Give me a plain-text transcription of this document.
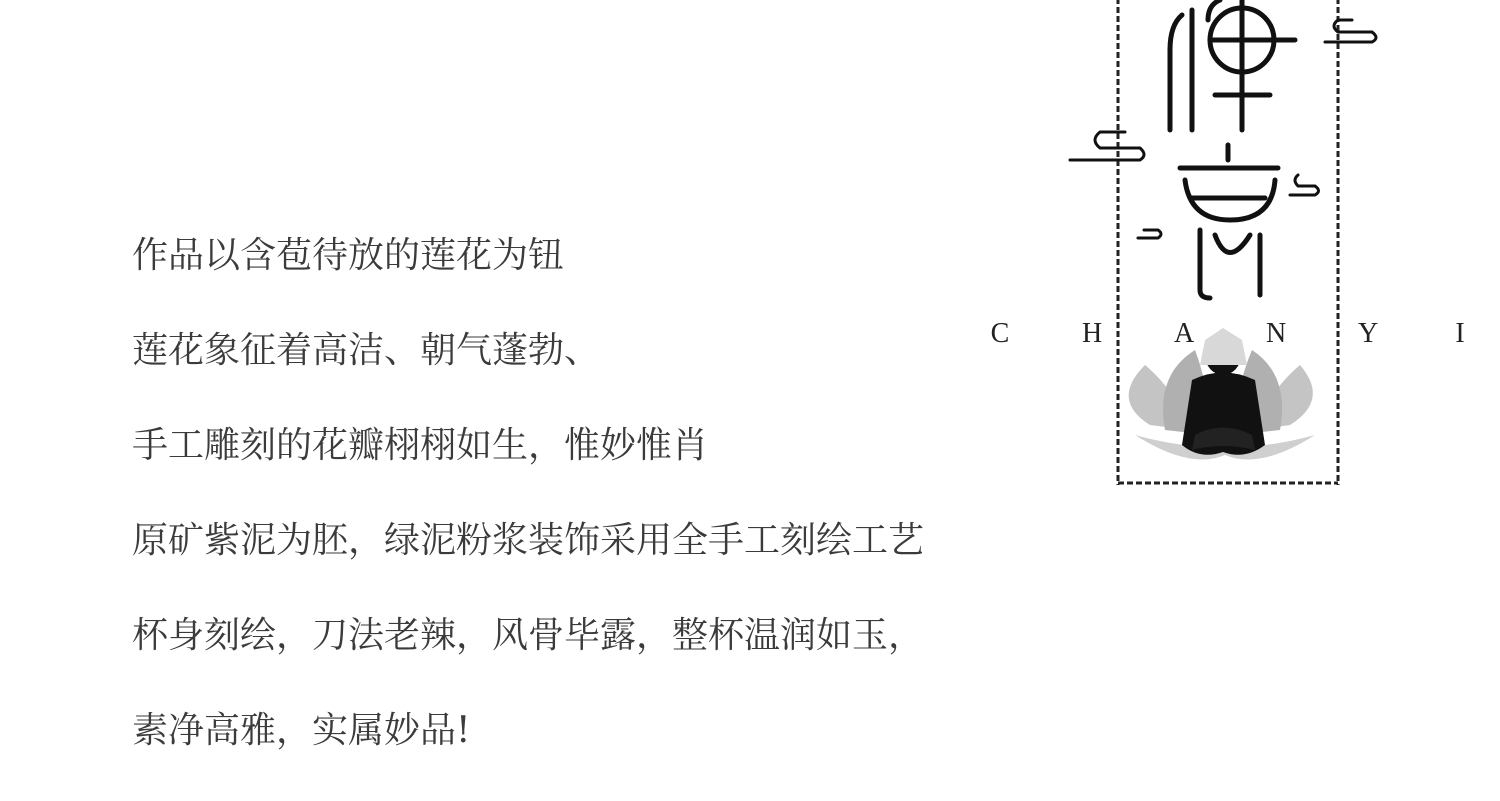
作品以含苞待放的莲花为钮
莲花象征着高洁、朝气蓬勃、
手工雕刻的花瓣栩栩如生，惟妙惟肖
原矿紫泥为胚，绿泥粉浆装饰采用全手工刻绘工艺
杯身刻绘，刀法老辣，风骨毕露，整杯温润如玉，
素净高雅，实属妙品!
C	H	A	N	Y	I
